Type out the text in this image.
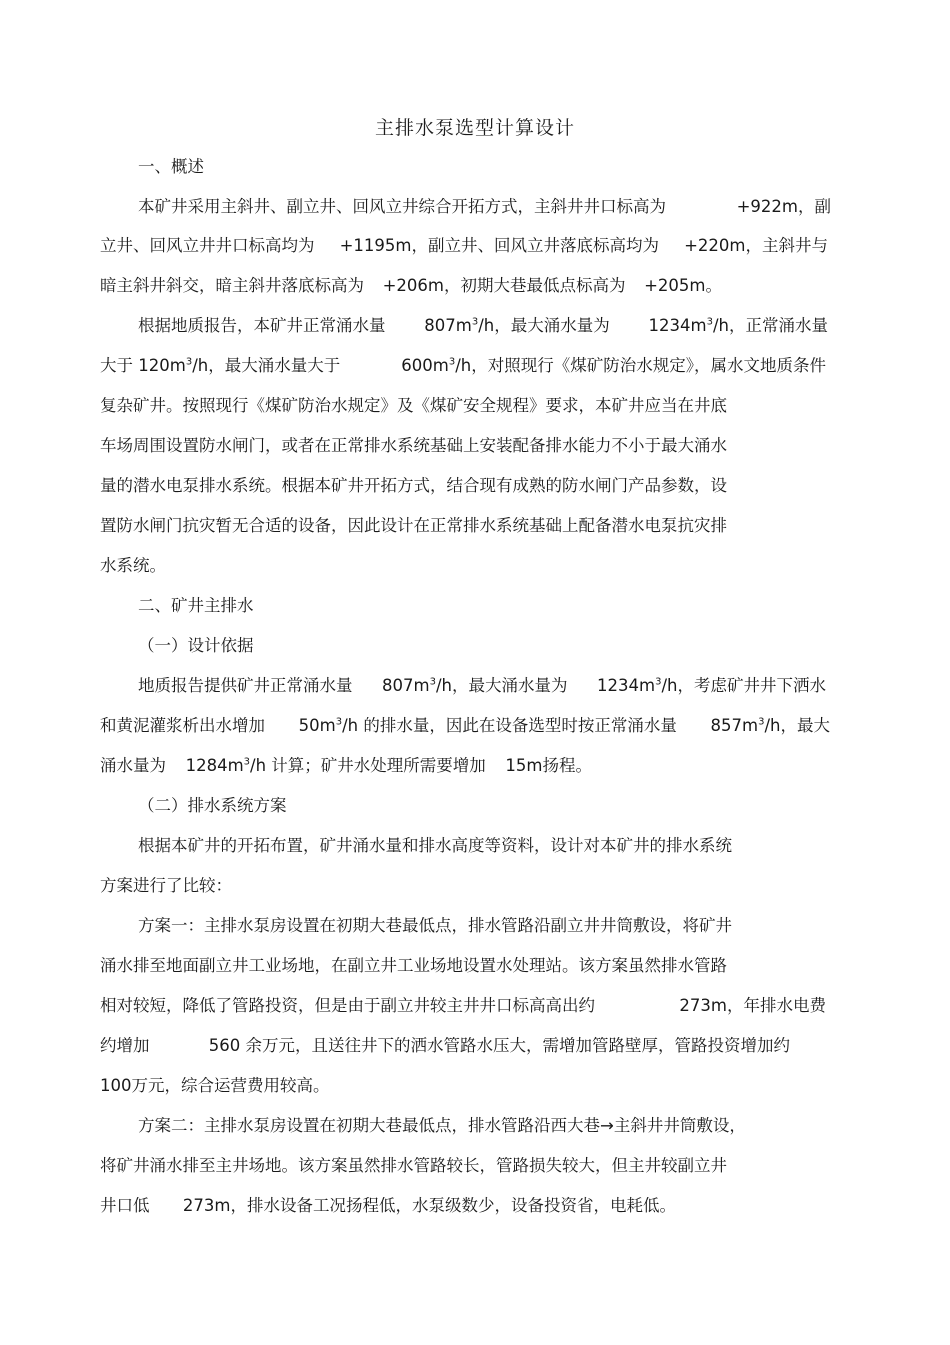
主排水泵选型计算设计
一、概述
本矿井采用主斜井、副立井、回风立井综合开拓方式，主斜井井口标高为	+922m，副
立井、回风立井井口标高均为 +1195m，副立井、回风立井落底标高均为 +220m，主斜井与
暗主斜井斜交，暗主斜井落底标高为 +206m，初期大巷最低点标高为 +205m。
根据地质报告，本矿井正常涌水量 $807m^3/h$，最大涌水量为 $1234m^3/h$，正常涌水量
大于 $120m^3/h$，最大涌水量大于	$600m^3/h$，对照现行《煤矿防治水规定》，属水文地质条件
复杂矿井。按照现行《煤矿防治水规定》及《煤矿安全规程》要求，本矿井应当在井底
车场周围设置防水闸门，或者在正常排水系统基础上安装配备排水能力不小于最大涌水
量的潜水电泵排水系统。根据本矿井开拓方式，结合现有成熟的防水闸门产品参数，设
置防水闸门抗灾暂无合适的设备，因此设计在正常排水系统基础上配备潜水电泵抗灾排
水系统。
二、矿井主排水
（一）设计依据
地质报告提供矿井正常涌水量 $807m^3/h$，最大涌水量为 $1234m^3/h$，考虑矿井井下洒水
和黄泥灌浆析出水增加 $50m^3/h$ 的排水量，因此在设备选型时按正常涌水量 $857m^3/h$，最大
涌水量为 $1284m^3/h$ 计算；矿井水处理所需要增加 15m扬程。
（二）排水系统方案
根据本矿井的开拓布置，矿井涌水量和排水高度等资料，设计对本矿井的排水系统
方案进行了比较：
方案一：主排水泵房设置在初期大巷最低点，排水管路沿副立井井筒敷设，将矿井
涌水排至地面副立井工业场地，在副立井工业场地设置水处理站。该方案虽然排水管路
相对较短，降低了管路投资，但是由于副立井较主井井口标高高出约	273m，年排水电费
约增加	560 余万元，且送往井下的洒水管路水压大，需增加管路壁厚，管路投资增加约
100万元，综合运营费用较高。
方案二：主排水泵房设置在初期大巷最低点，排水管路沿西大巷→主斜井井筒敷设，
将矿井涌水排至主井场地。该方案虽然排水管路较长，管路损失较大，但主井较副立井
井口低 273m，排水设备工况扬程低，水泵级数少，设备投资省，电耗低。
